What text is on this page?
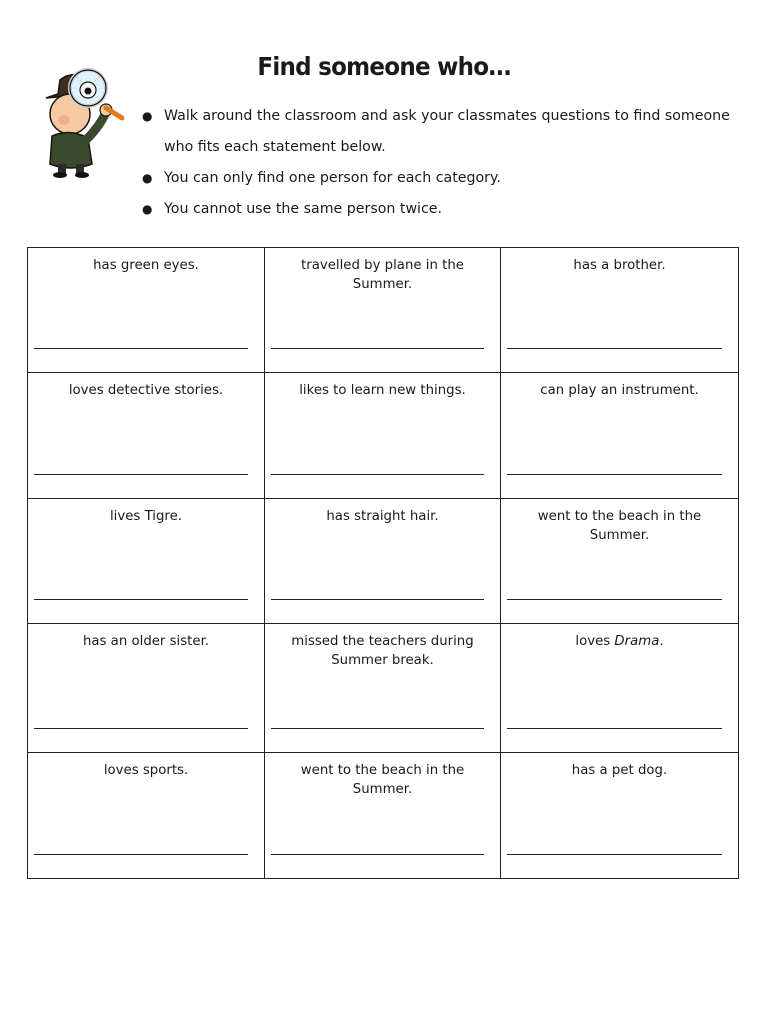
Find someone who…
● Walk around the classroom and ask your classmates questions to find someone who fits each statement below.
● You can only find one person for each category.
● You cannot use the same person twice.
has green eyes.	travelled by plane in the Summer.	has a brother.

loves detective stories.	likes to learn new things.	can play an instrument.

lives Tigre.	has straight hair.	went to the beach in the Summer.

has an older sister.	missed the teachers during Summer break.	loves Drama.

loves sports.	went to the beach in the Summer.	has a pet dog.
